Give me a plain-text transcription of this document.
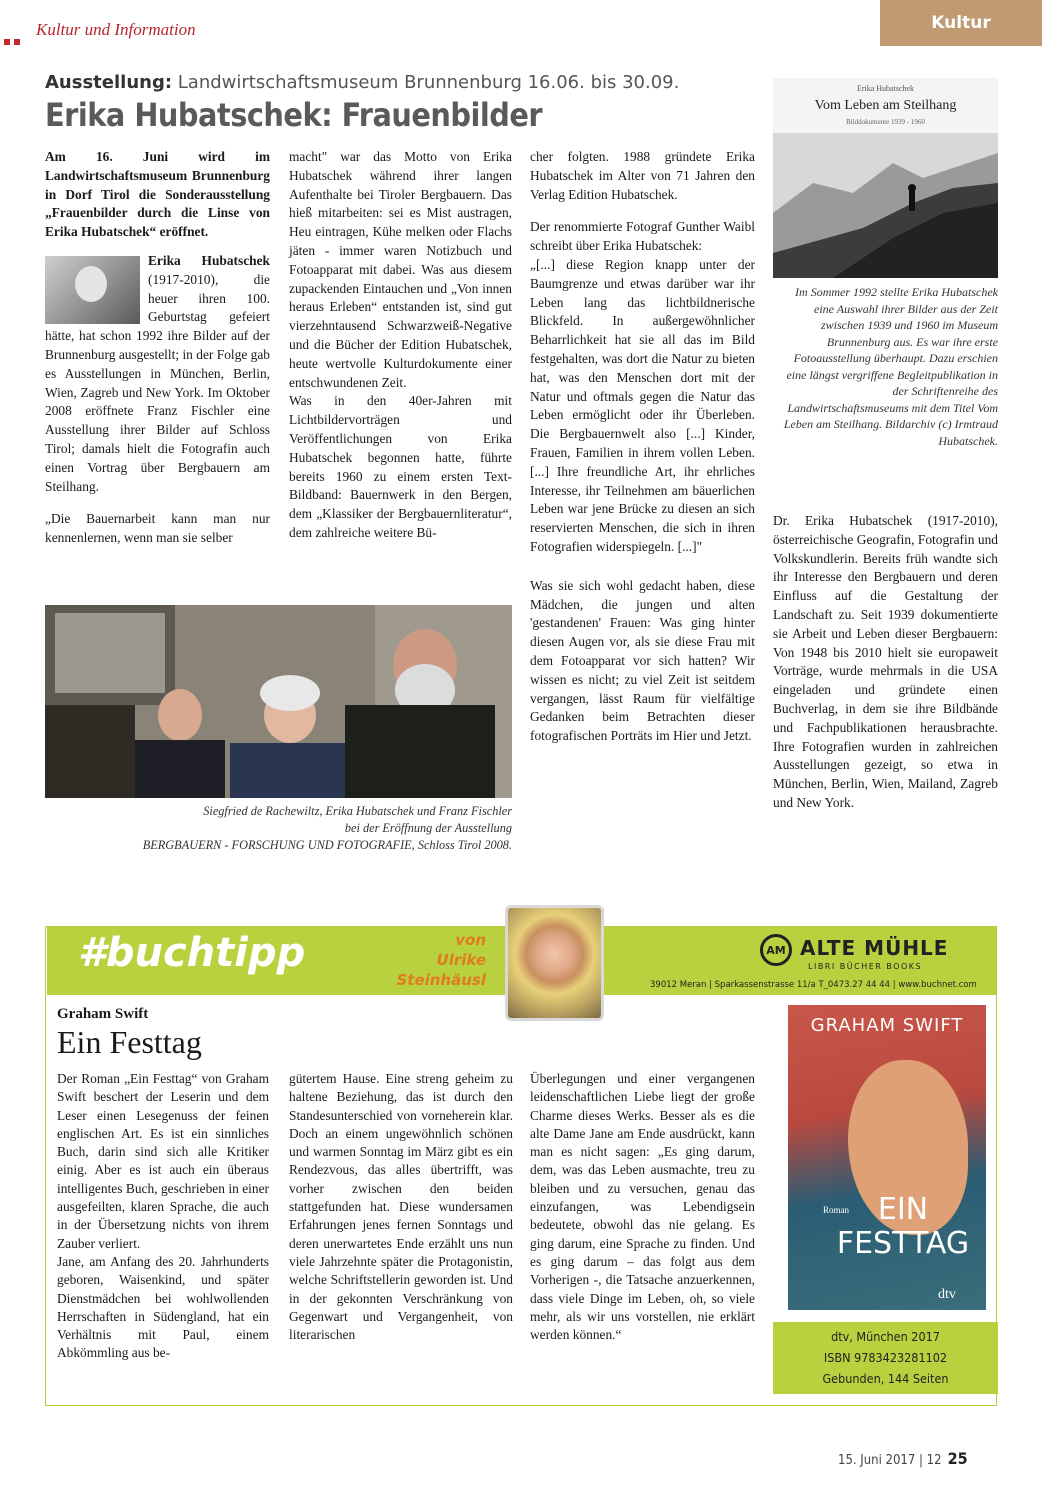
Kultur und Information	Kultur
Ausstellung: Landwirtschaftsmuseum Brunnenburg 16.06. bis 30.09.
Erika Hubatschek: Frauenbilder

Am 16. Juni wird im Landwirtschaftsmuseum Brunnenburg in Dorf Tirol die Sonderausstellung „Frauenbilder durch die Linse von Erika Hubatschek“ eröffnet.

Erika Hubatschek (1917-2010), die heuer ihren 100. Geburtstag gefeiert hätte, hat schon 1992 ihre Bilder auf der Brunnenburg ausgestellt; in der Folge gab es Ausstellungen in München, Berlin, Wien, Zagreb und New York. Im Oktober 2008 eröffnete Franz Fischler eine Ausstellung ihrer Bilder auf Schloss Tirol; damals hielt die Fotografin auch einen Vortrag über Bergbauern am Steilhang.

„Die Bauernarbeit kann man nur kennenlernen, wenn man sie selber

macht" war das Motto von Erika Hubatschek während ihrer langen Aufenthalte bei Tiroler Bergbauern. Das hieß mitarbeiten: sei es Mist austragen, Heu eintragen, Kühe melken oder Flachs jäten - immer waren Notizbuch und Fotoapparat mit dabei. Was aus diesem zupackenden Eintauchen und „Von innen heraus Erleben“ entstanden ist, sind gut vierzehntausend Schwarzweiß-Negative und die Bücher der Edition Hubatschek, heute wertvolle Kulturdokumente einer entschwundenen Zeit.

Was in den 40er-Jahren mit Lichtbildervorträgen und Veröffentlichungen von Erika Hubatschek begonnen hatte, führte bereits 1960 zu einem ersten Text-Bildband: Bauernwerk in den Bergen, dem „Klassiker der Bergbauernliteratur“, dem zahlreiche weitere Bü-

cher folgten. 1988 gründete Erika Hubatschek im Alter von 71 Jahren den Verlag Edition Hubatschek.

Der renommierte Fotograf Gunther Waibl schreibt über Erika Hubatschek:

„[...] diese Region knapp unter der Baumgrenze und etwas darüber war ihr Leben lang das lichtbildnerische Blickfeld. In außergewöhnlicher Beharrlichkeit hat sie all das im Bild festgehalten, was dort die Natur zu bieten hat, was den Menschen dort mit der Natur und oftmals gegen die Natur das Leben ermöglicht oder ihr Überleben. Die Bergbauernwelt also [...] Kinder, Frauen, Familien in ihrem vollen Leben. [...] Ihre freundliche Art, ihr ehrliches Interesse, ihr Teilnehmen am bäuerlichen Leben war jene Brücke zu diesen an sich reservierten Menschen, die sich in ihren Fotografien widerspiegeln. [...]"

Was sie sich wohl gedacht haben, diese Mädchen, die jungen und alten 'gestandenen' Frauen: Was ging hinter diesen Augen vor, als sie diese Frau mit dem Fotoapparat vor sich hatten? Wir wissen es nicht; zu viel Zeit ist seitdem vergangen, lässt Raum für vielfältige Gedanken beim Betrachten dieser fotografischen Porträts im Hier und Jetzt.

Erika Hubatschek
Vom Leben am Steilhang
Bilddokumente 1939 - 1960
Im Sommer 1992 stellte Erika Hubatschek eine Auswahl ihrer Bilder aus der Zeit zwischen 1939 und 1960 im Museum Brunnenburg aus. Es war ihre erste Fotoausstellung überhaupt. Dazu erschien eine längst vergriffene Begleitpublikation in der Schriftenreihe des Landwirtschaftsmuseums mit dem Titel Vom Leben am Steilhang. Bildarchiv (c) Irmtraud Hubatschek.

Dr. Erika Hubatschek (1917-2010), österreichische Geografin, Fotografin und Volkskundlerin. Bereits früh wandte sich ihr Interesse den Bergbauern und deren Einfluss auf die Gestaltung der Landschaft zu. Seit 1939 dokumentierte sie Arbeit und Leben dieser Bergbauern: Von 1948 bis 2010 hielt sie europaweit Vorträge, wurde mehrmals in die USA eingeladen und gründete einen Buchverlag, in dem sie ihre Bildbände und Fachpublikationen herausbrachte. Ihre Fotografien wurden in zahlreichen Ausstellungen gezeigt, so etwa in München, Berlin, Wien, Mailand, Zagreb und New York.

Siegfried de Rachewiltz, Erika Hubatschek und Franz Fischler
bei der Eröffnung der Ausstellung
BERGBAUERN - FORSCHUNG UND FOTOGRAFIE, Schloss Tirol 2008.
#buchtipp	von
Ulrike
Steinhäusl
AM ALTE MÜHLE
LIBRI BÜCHER BOOKS
39012 Meran | Sparkassenstrasse 11/a T_0473.27 44 44 | www.buchnet.com
Graham Swift
Ein Festtag
Der Roman „Ein Festtag“ von Graham Swift beschert der Leserin und dem Leser einen Lesegenuss der feinen englischen Art. Es ist ein sinnliches Buch, darin sind sich alle Kritiker einig. Aber es ist auch ein überaus intelligentes Buch, geschrieben in einer ausgefeilten, klaren Sprache, die auch in der Übersetzung nichts von ihrem Zauber verliert.
Jane, am Anfang des 20. Jahrhunderts geboren, Waisenkind, und später Dienstmädchen bei wohlwollenden Herrschaften in Südengland, hat ein Verhältnis mit Paul, einem Abkömmling aus be-
gütertem Hause. Eine streng geheim zu haltene Beziehung, das ist durch den Standesunterschied von vorneherein klar. Doch an einem ungewöhnlich schönen und warmen Sonntag im März gibt es ein Rendezvous, das alles übertrifft, was vorher zwischen den beiden stattgefunden hat. Diese wundersamen Erfahrungen jenes fernen Sonntags und deren unerwartetes Ende erzählt uns nun viele Jahrzehnte später die Protagonistin, welche Schriftstellerin geworden ist. Und in der gekonnten Verschränkung von Gegenwart und Vergangenheit, von literarischen
Überlegungen und einer vergangenen leidenschaftlichen Liebe liegt der große Charme dieses Werks. Besser als es die alte Dame Jane am Ende ausdrückt, kann man es nicht sagen: „Es ging darum, dem, was das Leben ausmachte, treu zu bleiben und zu versuchen, genau das einzufangen, was Lebendigsein bedeutete, obwohl das nie gelang. Es ging darum, eine Sprache zu finden. Und es ging darum – das folgt aus dem Vorherigen -, die Tatsache anzuerkennen, dass viele Dinge im Leben, oh, so viele mehr, als wir uns vorstellen, nie erklärt werden können.“
GRAHAM SWIFT
Roman EIN
FESTTAG
dtv
dtv, München 2017
ISBN 9783423281102
Gebunden, 144 Seiten
15. Juni 2017 | 12 25
